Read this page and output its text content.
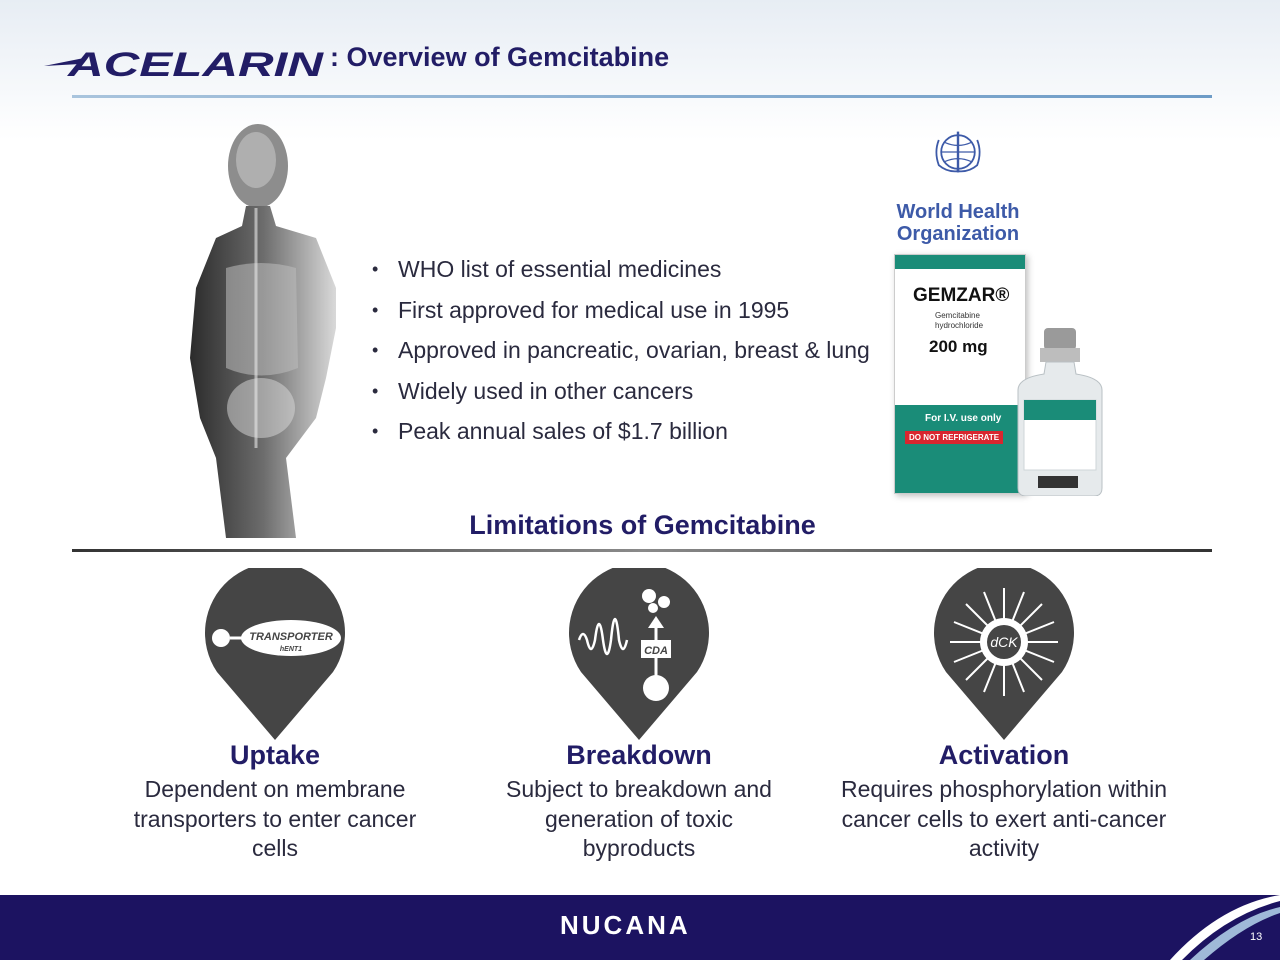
ACELARIN : Overview of Gemcitabine
• WHO list of essential medicines
• First approved for medical use in 1995
• Approved in pancreatic, ovarian, breast & lung
• Widely used in other cancers
• Peak annual sales of $1.7 billion
World Health
Organization
GEMZAR®
Gemcitabine hydrochloride
200 mg
For I.V. use only
DO NOT REFRIGERATE
Limitations of Gemcitabine
TRANSPORTER
hENT1	CDA
dCK
Uptake
Dependent on membrane transporters to enter cancer cells
Breakdown
Subject to breakdown and generation of toxic byproducts
Activation
Requires phosphorylation within cancer cells to exert anti-cancer activity
NUCANA	13
